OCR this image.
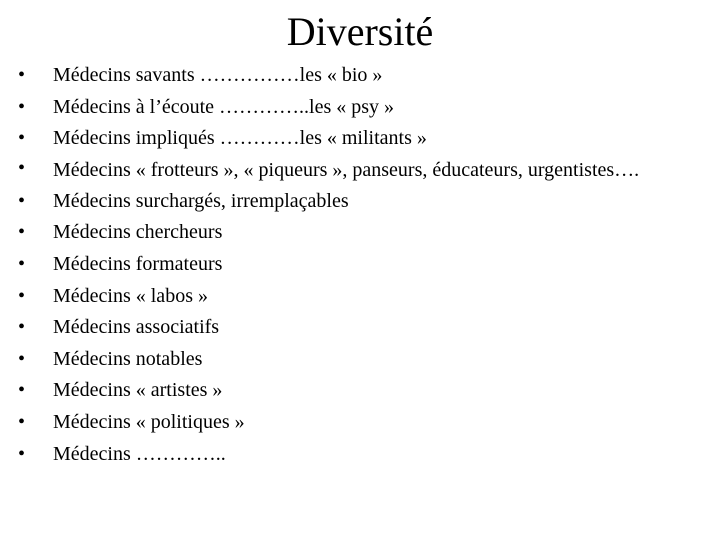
Diversité
•	Médecins savants ……………les « bio »
•	Médecins à l’écoute …………..les « psy »
•	Médecins impliqués …………les « militants »
•	Médecins « frotteurs », « piqueurs », panseurs, éducateurs, urgentistes….
•	Médecins surchargés, irremplaçables
•	Médecins chercheurs
•	Médecins formateurs
•	Médecins « labos »
•	Médecins associatifs
•	Médecins notables
•	Médecins « artistes »
•	Médecins « politiques »
•	Médecins …………..
